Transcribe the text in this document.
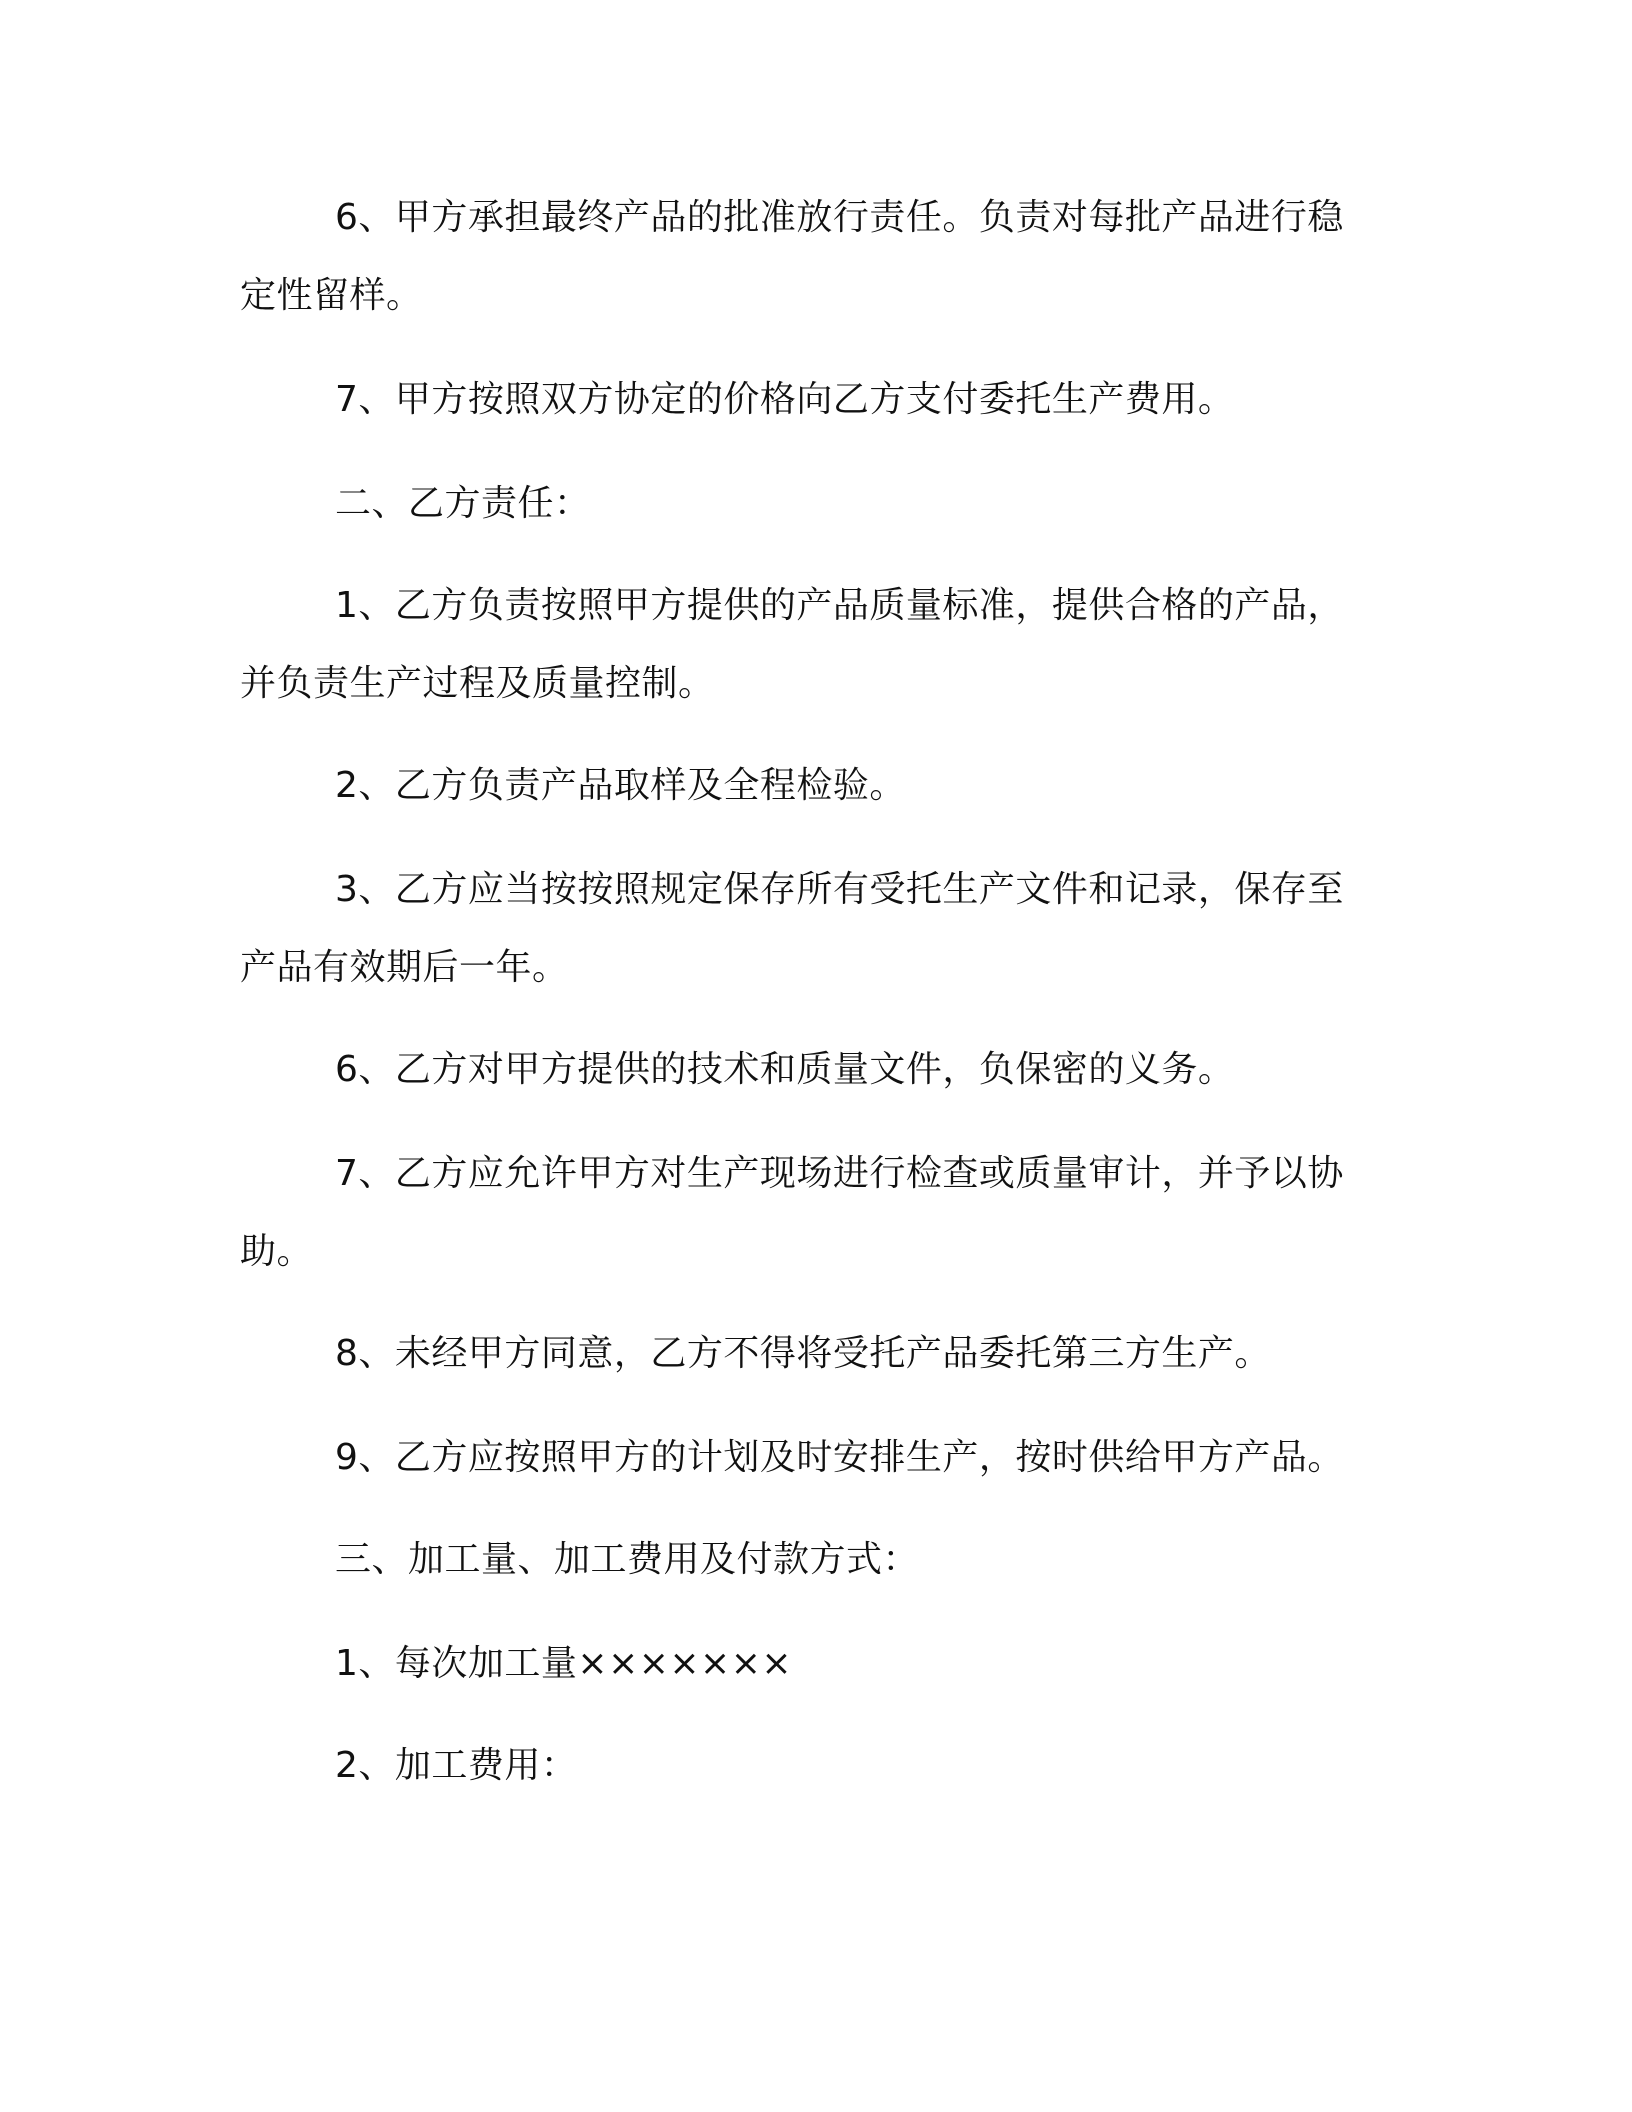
6、甲方承担最终产品的批准放行责任。负责对每批产品进行稳
定性留样。
7、甲方按照双方协定的价格向乙方支付委托生产费用。
二、乙方责任：
1、乙方负责按照甲方提供的产品质量标准，提供合格的产品，
并负责生产过程及质量控制。
2、乙方负责产品取样及全程检验。
3、乙方应当按按照规定保存所有受托生产文件和记录，保存至
产品有效期后一年。
6、乙方对甲方提供的技术和质量文件，负保密的义务。
7、乙方应允许甲方对生产现场进行检查或质量审计，并予以协
助。
8、未经甲方同意，乙方不得将受托产品委托第三方生产。
9、乙方应按照甲方的计划及时安排生产，按时供给甲方产品。
三、加工量、加工费用及付款方式：
1、每次加工量×××××××
2、加工费用：
